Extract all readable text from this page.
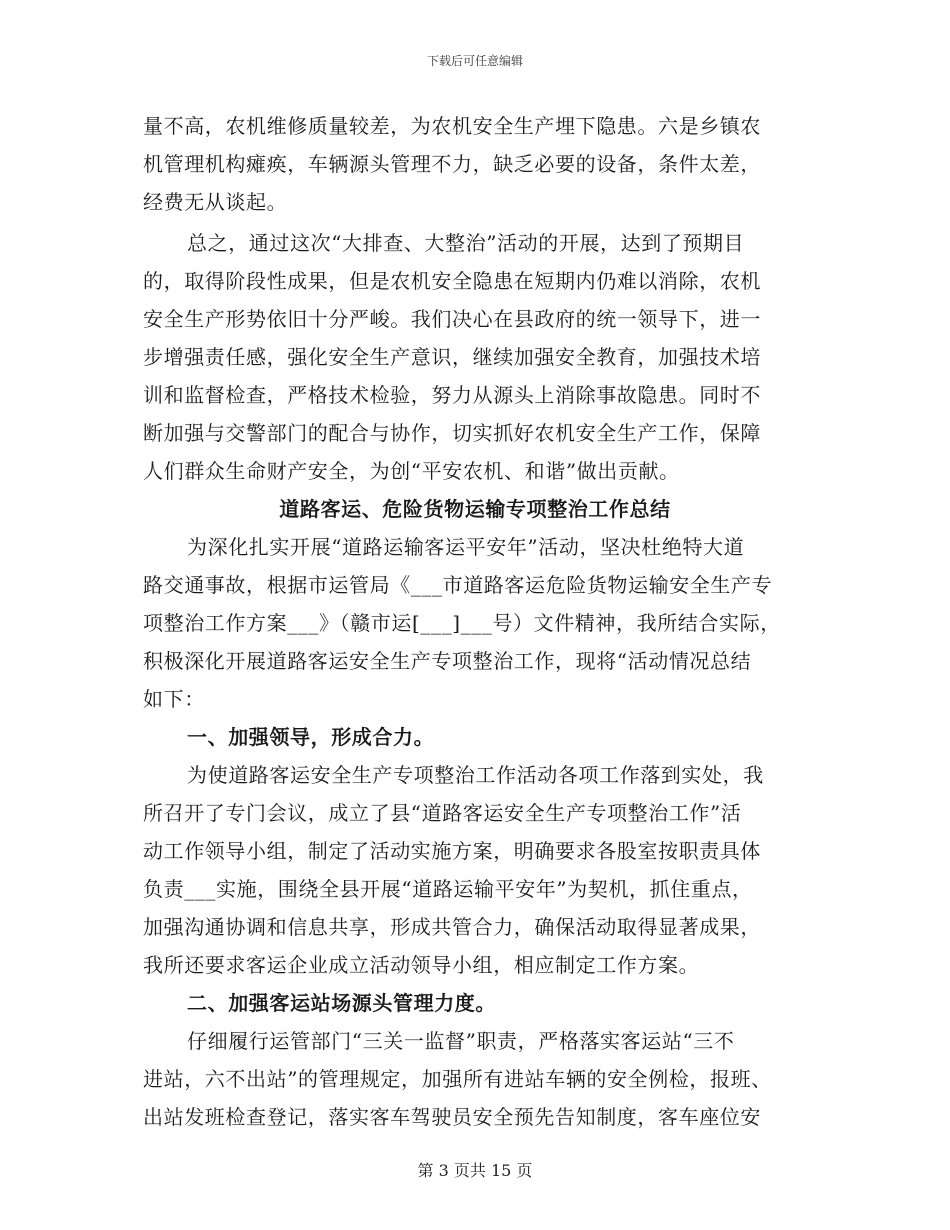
下载后可任意编辑
量不高，农机维修质量较差，为农机安全生产埋下隐患。六是乡镇农
机管理机构瘫痪，车辆源头管理不力，缺乏必要的设备，条件太差，
经费无从谈起。
总之，通过这次“大排查、大整治”活动的开展，达到了预期目
的，取得阶段性成果，但是农机安全隐患在短期内仍难以消除，农机
安全生产形势依旧十分严峻。我们决心在县政府的统一领导下，进一
步增强责任感，强化安全生产意识，继续加强安全教育，加强技术培
训和监督检查，严格技术检验，努力从源头上消除事故隐患。同时不
断加强与交警部门的配合与协作，切实抓好农机安全生产工作，保障
人们群众生命财产安全，为创“平安农机、和谐”做出贡献。
道路客运、危险货物运输专项整治工作总结
为深化扎实开展“道路运输客运平安年”活动，坚决杜绝特大道
路交通事故，根据市运管局《___市道路客运危险货物运输安全生产专
项整治工作方案___》（赣市运[___]___号）文件精神，我所结合实际，
积极深化开展道路客运安全生产专项整治工作，现将“活动情况总结
如下：
一、加强领导，形成合力。
为使道路客运安全生产专项整治工作活动各项工作落到实处，我
所召开了专门会议，成立了县“道路客运安全生产专项整治工作”活
动工作领导小组，制定了活动实施方案，明确要求各股室按职责具体
负责___实施，围绕全县开展“道路运输平安年”为契机，抓住重点，
加强沟通协调和信息共享，形成共管合力，确保活动取得显著成果，
我所还要求客运企业成立活动领导小组，相应制定工作方案。
二、加强客运站场源头管理力度。
仔细履行运管部门“三关一监督”职责，严格落实客运站“三不
进站，六不出站”的管理规定，加强所有进站车辆的安全例检，报班、
出站发班检查登记，落实客车驾驶员安全预先告知制度，客车座位安
第 3 页共 15 页
